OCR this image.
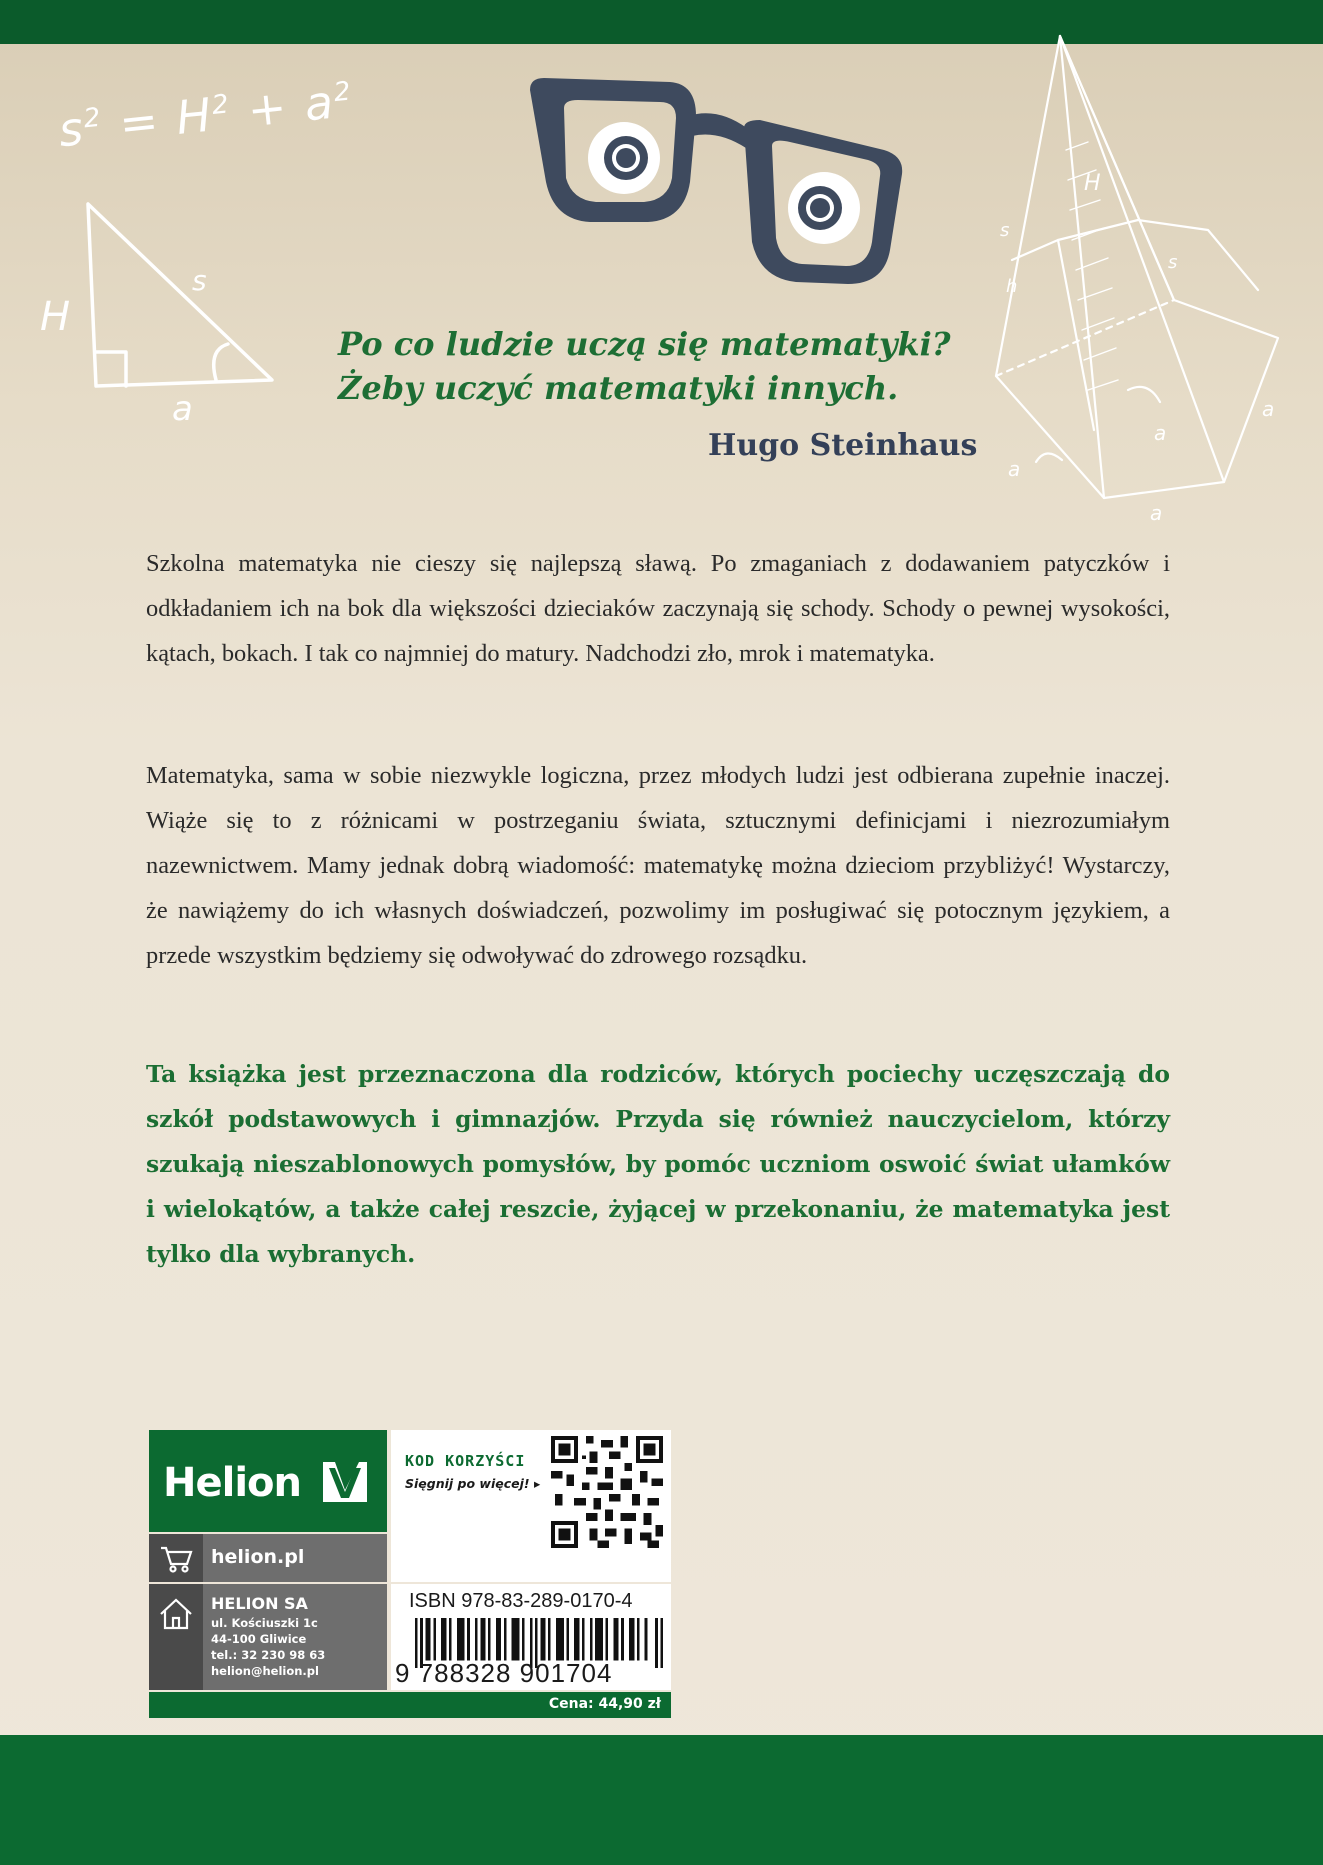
$s^2 = H^2 + a^2$
H
s
a
H
s
s
h
a
a
a
a
Po co ludzie uczą się matematyki?
Żeby uczyć matematyki innych.
Hugo Steinhaus

Szkolna matematyka nie cieszy się najlepszą sławą. Po zmaganiach z dodawaniem patyczków i odkładaniem ich na bok dla większości dzieciaków zaczynają się schody. Schody o pewnej wysokości, kątach, bokach. I tak co najmniej do matury. Nadchodzi zło, mrok i matematyka.

Matematyka, sama w sobie niezwykle logiczna, przez młodych ludzi jest odbierana zupełnie inaczej. Wiąże się to z różnicami w postrzeganiu świata, sztucznymi definicjami i niezrozumiałym nazewnictwem. Mamy jednak dobrą wiadomość: matematykę można dzieciom przybliżyć! Wystarczy, że nawiążemy do ich własnych doświadczeń, pozwolimy im posługiwać się potocznym językiem, a przede wszystkim będziemy się odwoływać do zdrowego rozsądku.

Ta książka jest przeznaczona dla rodziców, których pociechy uczęszczają do szkół podstawowych i gimnazjów. Przyda się również nauczycielom, którzy szukają nieszablonowych pomysłów, by pomóc uczniom oswoić świat ułamków i wielokątów, a także całej reszcie, żyjącej w przekonaniu, że matematyka jest tylko dla wybranych.

Helion
helion.pl
HELION SA
ul. Kościuszki 1c
44-100 Gliwice
tel.: 32 230 98 63
helion@helion.pl
KOD KORZYŚCI
Sięgnij po więcej! ▸
ISBN 978-83-289-0170-4
9 788328 901704
Cena: 44,90 zł
